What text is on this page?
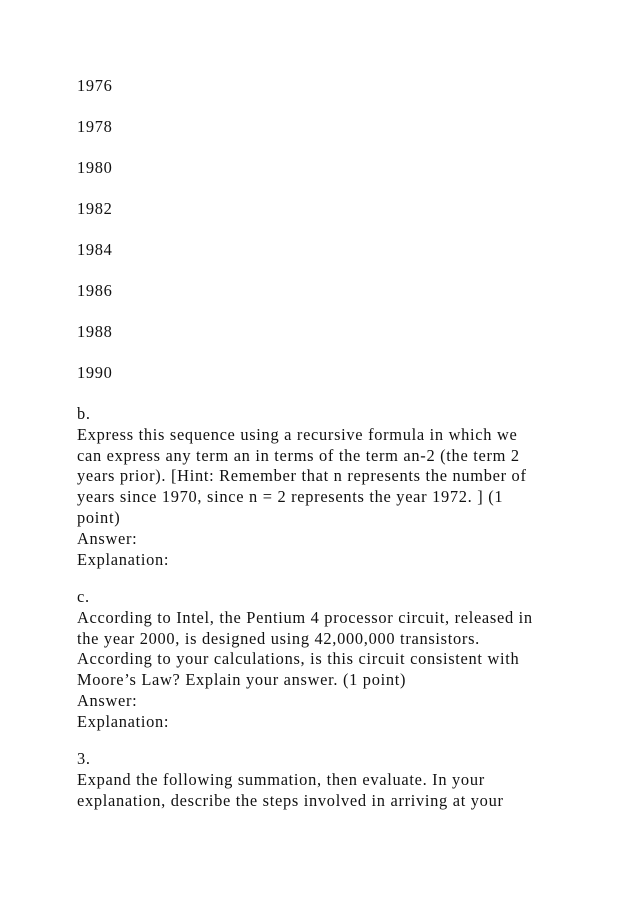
1976
1978
1980
1982
1984
1986
1988
1990
b.
Express this sequence using a recursive formula in which we
can express any term an in terms of the term an-2 (the term 2
years prior). [Hint: Remember that n represents the number of
years since 1970, since n = 2 represents the year 1972. ] (1
point)
Answer:
Explanation:
c.
According to Intel, the Pentium 4 processor circuit, released in
the year 2000, is designed using 42,000,000 transistors.
According to your calculations, is this circuit consistent with
Moore’s Law? Explain your answer. (1 point)
Answer:
Explanation:
3.
Expand the following summation, then evaluate. In your
explanation, describe the steps involved in arriving at your
